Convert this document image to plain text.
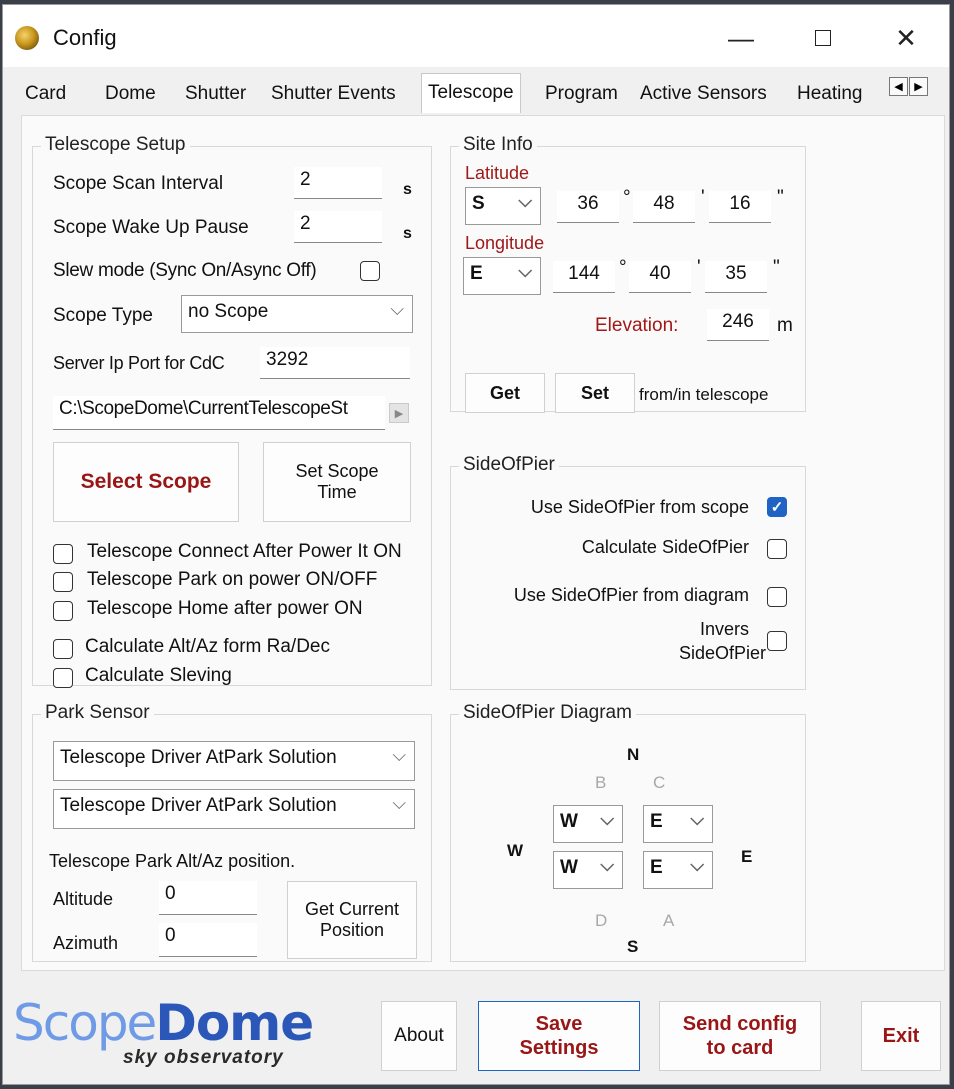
Config	—	✕
Card Dome Shutter Shutter Events	Telescope	Program Active Sensors Heating	◀	▶
Telescope Setup
Scope Scan Interval	2	s
Scope Wake Up Pause	2	s
Slew mode (Sync On/Async Off)
Scope Type	no Scope	⌵
Server Ip Port for CdC	3292
C:\ScopeDome\CurrentTelescopeSt	▶
Select Scope	Set Scope Time
Telescope Connect After Power It ON
Telescope Park on power ON/OFF
Telescope Home after power ON
Calculate Alt/Az form Ra/Dec
Calculate Sleving
Site Info
Latitude
S ⌵	36	°	48	'	16	"
Longitude
E ⌵	144	°	40	'	35	"
Elevation:	246	m
Get	Set	from/in telescope
SideOfPier
Use SideOfPier from scope ✓
Calculate SideOfPier
Use SideOfPier from diagram
Invers SideOfPier
Park Sensor
Telescope Driver AtPark Solution	⌵
Telescope Driver AtPark Solution	⌵
Telescope Park Alt/Az position.
Altitude	0
Azimuth	0
Get Current Position
SideOfPier Diagram
N
B	C
W	E
W ⌵	E ⌵
W ⌵	E ⌵
D	A
S
ScopeDome
sky observatory
About
Save Settings
Send config to card
Exit
